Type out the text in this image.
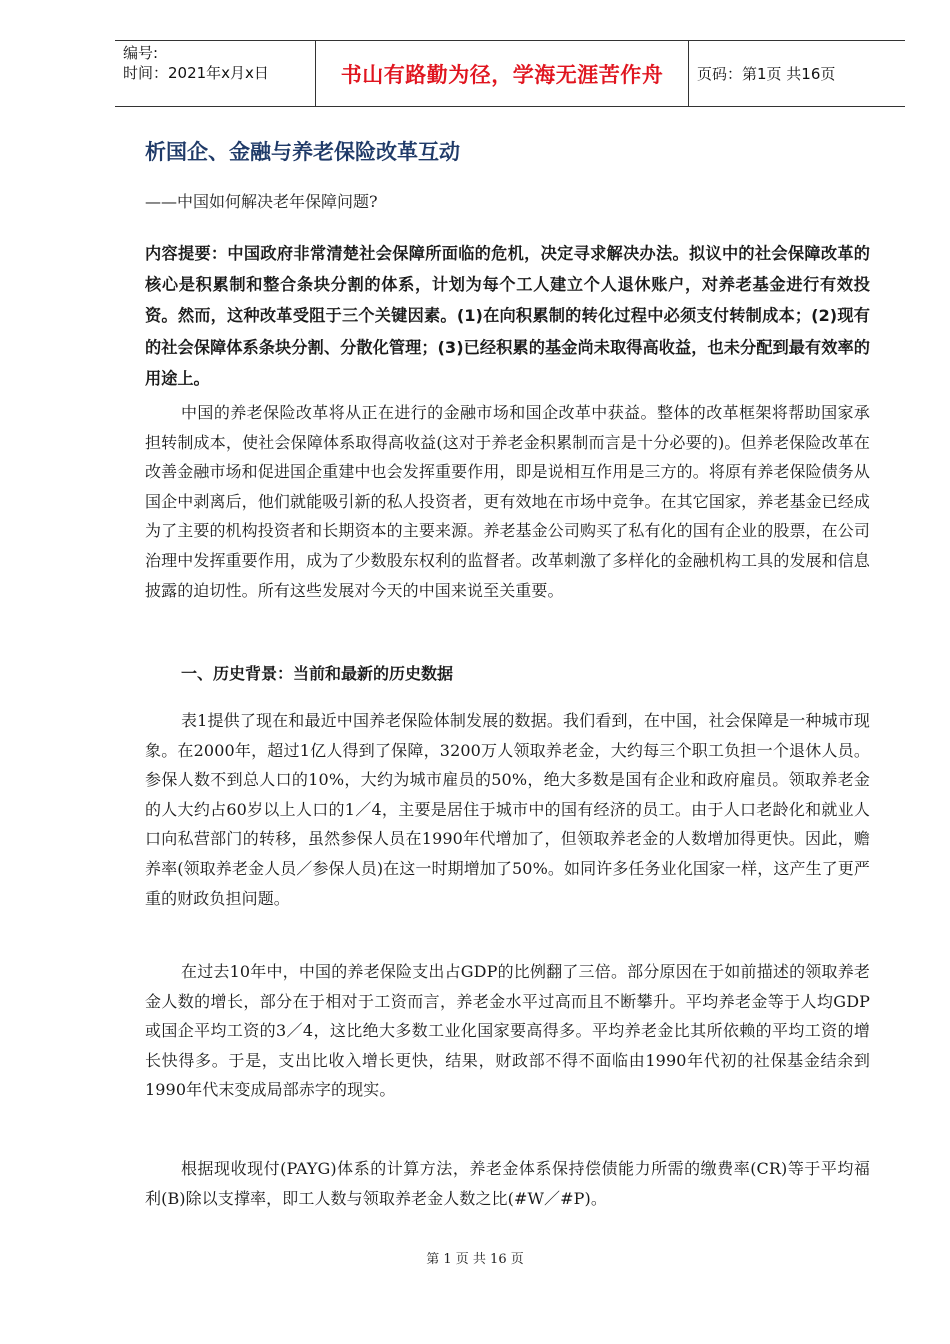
编号:
时间：2021年x月x日	书山有路勤为径，学海无涯苦作舟	页码：第1页 共16页
析国企、金融与养老保险改革互动

——中国如何解决老年保障问题?

内容提要：中国政府非常清楚社会保障所面临的危机，决定寻求解决办法。拟议中的社会保障改革的核心是积累制和整合条块分割的体系，计划为每个工人建立个人退休账户，对养老基金进行有效投资。然而，这种改革受阻于三个关键因素。(1)在向积累制的转化过程中必须支付转制成本；(2)现有的社会保障体系条块分割、分散化管理；(3)已经积累的基金尚未取得高收益，也未分配到最有效率的用途上。

中国的养老保险改革将从正在进行的金融市场和国企改革中获益。整体的改革框架将帮助国家承担转制成本，使社会保障体系取得高收益(这对于养老金积累制而言是十分必要的)。但养老保险改革在改善金融市场和促进国企重建中也会发挥重要作用，即是说相互作用是三方的。将原有养老保险债务从国企中剥离后，他们就能吸引新的私人投资者，更有效地在市场中竞争。在其它国家，养老基金已经成为了主要的机构投资者和长期资本的主要来源。养老基金公司购买了私有化的国有企业的股票，在公司治理中发挥重要作用，成为了少数股东权利的监督者。改革刺激了多样化的金融机构工具的发展和信息披露的迫切性。所有这些发展对今天的中国来说至关重要。

一、历史背景：当前和最新的历史数据

表1提供了现在和最近中国养老保险体制发展的数据。我们看到，在中国，社会保障是一种城市现象。在2000年，超过1亿人得到了保障，3200万人领取养老金，大约每三个职工负担一个退休人员。参保人数不到总人口的10%，大约为城市雇员的50%，绝大多数是国有企业和政府雇员。领取养老金的人大约占60岁以上人口的1／4，主要是居住于城市中的国有经济的员工。由于人口老龄化和就业人口向私营部门的转移，虽然参保人员在1990年代增加了，但领取养老金的人数增加得更快。因此，赡养率(领取养老金人员／参保人员)在这一时期增加了50%。如同许多任务业化国家一样，这产生了更严重的财政负担问题。

在过去10年中，中国的养老保险支出占GDP的比例翻了三倍。部分原因在于如前描述的领取养老金人数的增长，部分在于相对于工资而言，养老金水平过高而且不断攀升。平均养老金等于人均GDP或国企平均工资的3／4，这比绝大多数工业化国家要高得多。平均养老金比其所依赖的平均工资的增长快得多。于是，支出比收入增长更快，结果，财政部不得不面临由1990年代初的社保基金结余到1990年代末变成局部赤字的现实。

根据现收现付(PAYG)体系的计算方法，养老金体系保持偿债能力所需的缴费率(CR)等于平均福利(B)除以支撑率，即工人数与领取养老金人数之比(#W／#P)。

第 1 页 共 16 页
